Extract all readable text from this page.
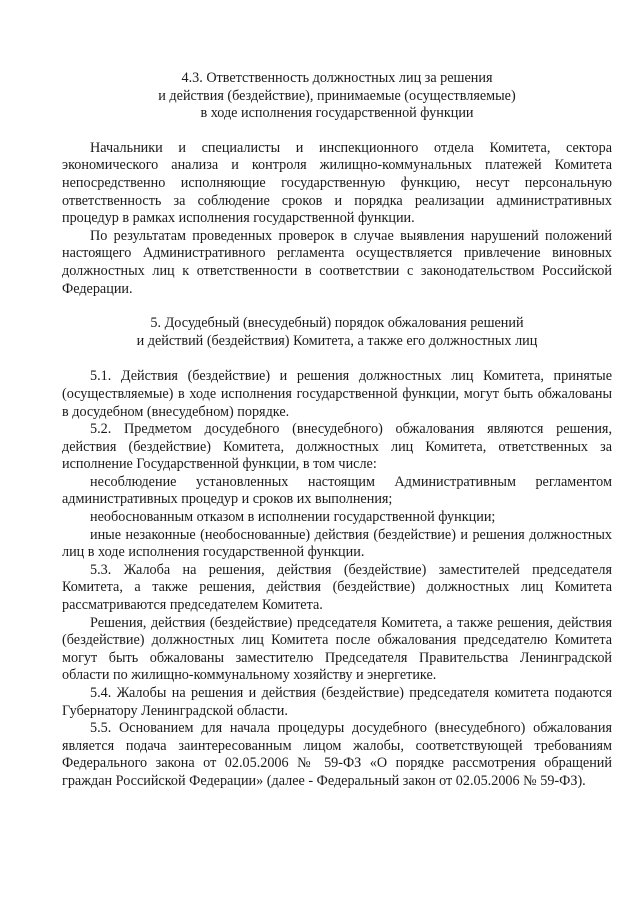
4.3. Ответственность должностных лиц за решения
и действия (бездействие), принимаемые (осуществляемые)
в ходе исполнения государственной функции

Начальники и специалисты и инспекционного отдела Комитета, сектора экономического анализа и контроля жилищно-коммунальных платежей Комитета непосредственно исполняющие государственную функцию, несут персональную ответственность за соблюдение сроков и порядка реализации административных процедур в рамках исполнения государственной функции.

По результатам проведенных проверок в случае выявления нарушений положений настоящего Административного регламента осуществляется привлечение виновных должностных лиц к ответственности в соответствии с законодательством Российской Федерации.

5. Досудебный (внесудебный) порядок обжалования решений
и действий (бездействия) Комитета, а также его должностных лиц

5.1. Действия (бездействие) и решения должностных лиц Комитета, принятые (осуществляемые) в ходе исполнения государственной функции, могут быть обжалованы в досудебном (внесудебном) порядке.

5.2. Предметом досудебного (внесудебного) обжалования являются решения, действия (бездействие) Комитета, должностных лиц Комитета, ответственных за исполнение Государственной функции, в том числе:

несоблюдение установленных настоящим Административным регламентом административных процедур и сроков их выполнения;

необоснованным отказом в исполнении государственной функции;

иные незаконные (необоснованные) действия (бездействие) и решения должностных лиц в ходе исполнения государственной функции.

5.3. Жалоба на решения, действия (бездействие) заместителей председателя Комитета, а также решения, действия (бездействие) должностных лиц Комитета рассматриваются председателем Комитета.

Решения, действия (бездействие) председателя Комитета, а также решения, действия (бездействие) должностных лиц Комитета после обжалования председателю Комитета могут быть обжалованы заместителю Председателя Правительства Ленинградской области по жилищно-коммунальному хозяйству и энергетике.

5.4. Жалобы на решения и действия (бездействие) председателя комитета подаются Губернатору Ленинградской области.

5.5. Основанием для начала процедуры досудебного (внесудебного) обжалования является подача заинтересованным лицом жалобы, соответствующей требованиям Федерального закона от 02.05.2006 № 59-ФЗ «О порядке рассмотрения обращений граждан Российской Федерации» (далее - Федеральный закон от 02.05.2006 № 59-ФЗ).
